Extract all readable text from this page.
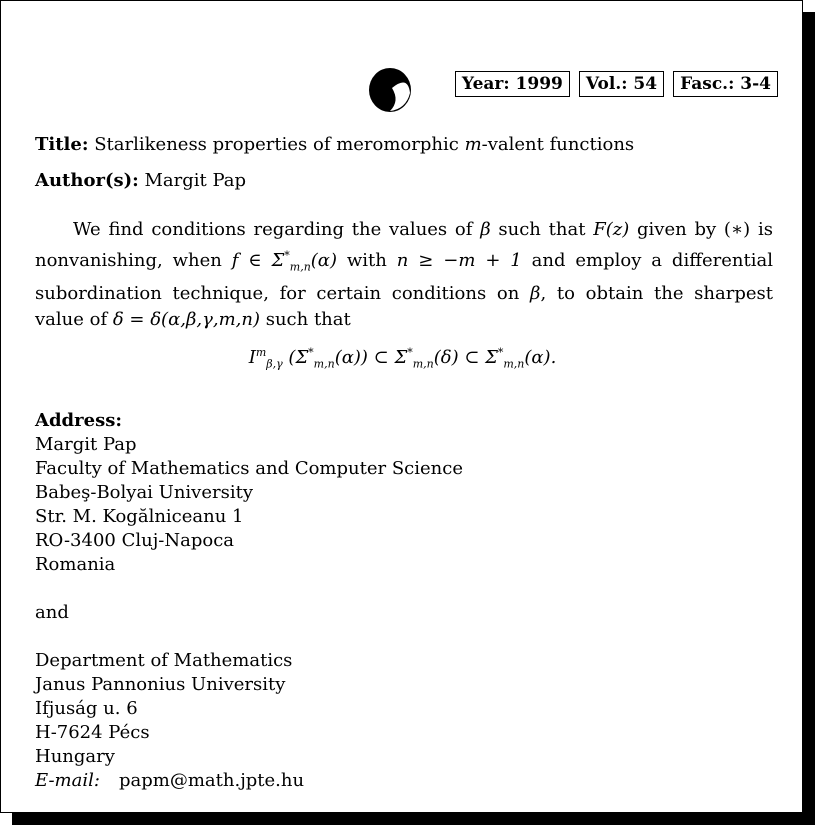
Year: 1999	Vol.: 54	Fasc.: 3-4
Title: Starlikeness properties of meromorphic m-valent functions
Author(s): Margit Pap
We find conditions regarding the values of β such that F(z) given by (∗) is nonvanishing, when f ∈ $\Sigma^*_{m,n}(\alpha)$ with n ≥ −m + 1 and employ a differential subordination technique, for certain conditions on β, to obtain the sharpest value of δ = δ(α,β,γ,m,n) such that
$I^m_{\beta,\gamma}$ $(\Sigma^*_{m,n}(\alpha))$ ⊂ $\Sigma^*_{m,n}(\delta)$ ⊂ $\Sigma^*_{m,n}(\alpha)$.
Address:
Margit Pap
Faculty of Mathematics and Computer Science
Babeş-Bolyai University
Str. M. Kogălniceanu 1
RO-3400 Cluj-Napoca
Romania
and
Department of Mathematics
Janus Pannonius University
Ifjuság u. 6
H-7624 Pécs
Hungary
E-mail: papm@math.jpte.hu
